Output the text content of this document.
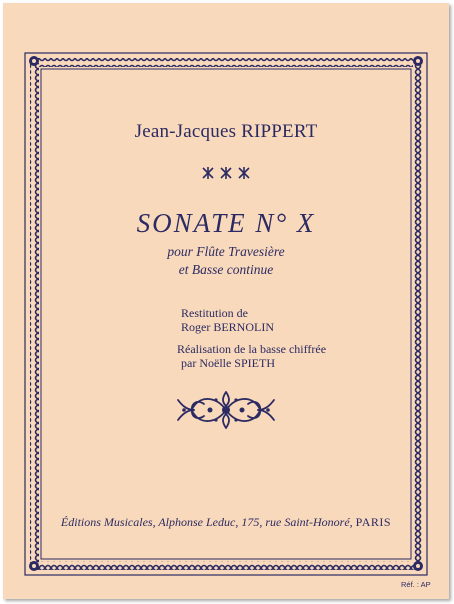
Jean-Jacques RIPPERT
SONATE N° X
pour Flûte Travesière
et Basse continue
Restitution de
Roger BERNOLIN
Réalisation de la basse chiffrée
par Noëlle SPIETH
Éditions Musicales, Alphonse Leduc, 175, rue Saint-Honoré, PARIS
Réf. : AP
